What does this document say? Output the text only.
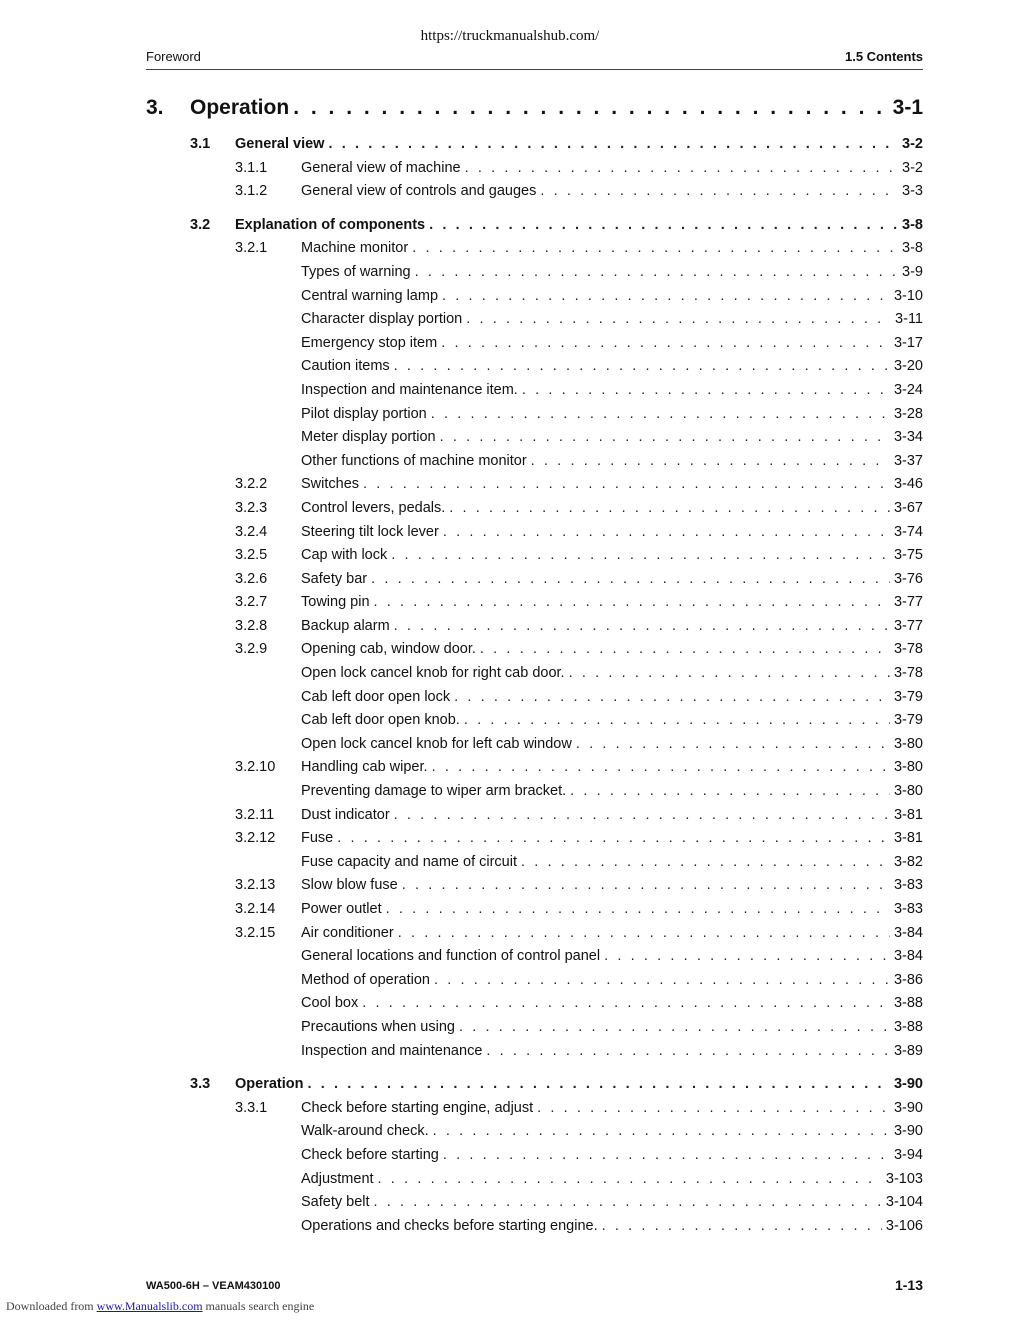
https://truckmanualshub.com/
Foreword	1.5 Contents
3.	Operation . . .	3-1
3.1 General view . . .	3-2
3.1.1 General view of machine . . .	3-2
3.1.2 General view of controls and gauges . . .	3-3
3.2 Explanation of components . . .	3-8
3.2.1 Machine monitor . . .	3-8
Types of warning . . .	3-9
Central warning lamp . . .	3-10
Character display portion . . .	3-11
Emergency stop item . . .	3-17
Caution items . . .	3-20
Inspection and maintenance item. . . .	3-24
Pilot display portion . . .	3-28
Meter display portion . . .	3-34
Other functions of machine monitor . . .	3-37
3.2.2 Switches . . .	3-46
3.2.3 Control levers, pedals. . . .	3-67
3.2.4 Steering tilt lock lever . . .	3-74
3.2.5 Cap with lock . . .	3-75
3.2.6 Safety bar . . .	3-76
3.2.7 Towing pin . . .	3-77
3.2.8 Backup alarm . . .	3-77
3.2.9 Opening cab, window door. . . .	3-78
Open lock cancel knob for right cab door. . . .	3-78
Cab left door open lock . . .	3-79
Cab left door open knob. . . .	3-79
Open lock cancel knob for left cab window . . .	3-80
3.2.10 Handling cab wiper. . . .	3-80
Preventing damage to wiper arm bracket. . . .	3-80
3.2.11 Dust indicator . . .	3-81
3.2.12 Fuse . . .	3-81
Fuse capacity and name of circuit . . .	3-82
3.2.13 Slow blow fuse . . .	3-83
3.2.14 Power outlet . . .	3-83
3.2.15 Air conditioner . . .	3-84
General locations and function of control panel . . .	3-84
Method of operation . . .	3-86
Cool box . . .	3-88
Precautions when using . . .	3-88
Inspection and maintenance . . .	3-89
3.3 Operation . . .	3-90
3.3.1 Check before starting engine, adjust . . .	3-90
Walk-around check. . . .	3-90
Check before starting . . .	3-94
Adjustment . . .	3-103
Safety belt . . .	3-104
Operations and checks before starting engine. . . .	3-106
WA500-6H – VEAM430100	1-13
Downloaded from www.Manualslib.com manuals search engine
